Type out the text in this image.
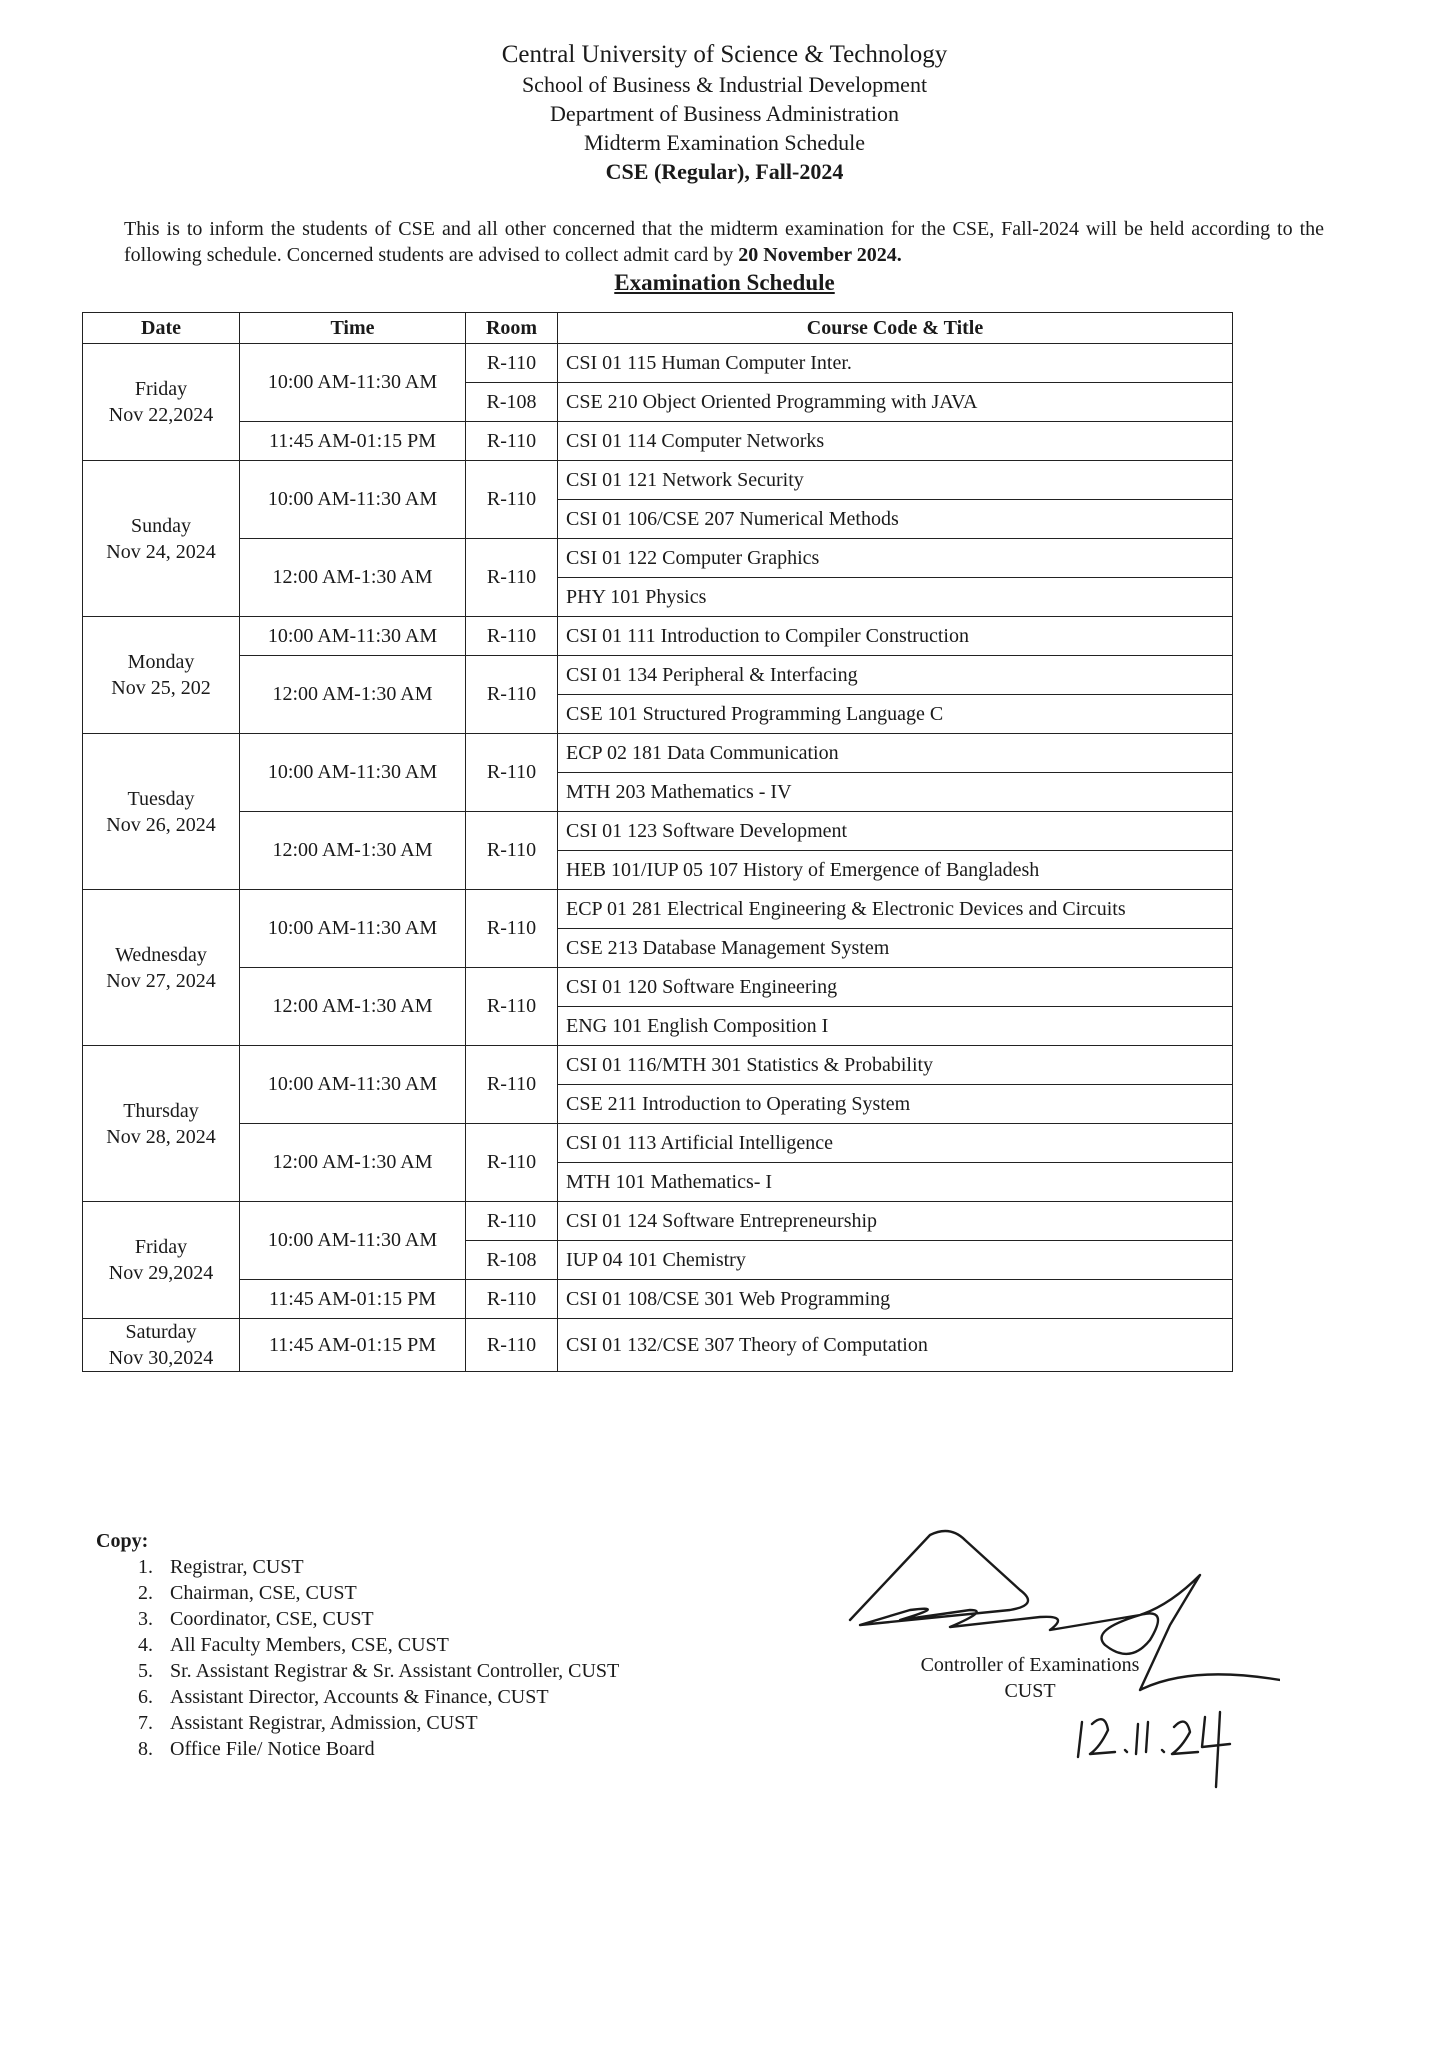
Central University of Science & Technology
School of Business & Industrial Development
Department of Business Administration
Midterm Examination Schedule
CSE (Regular), Fall-2024
This is to inform the students of CSE and all other concerned that the midterm examination for the CSE, Fall-2024 will be held according to the following schedule. Concerned students are advised to collect admit card by 20 November 2024.
Examination Schedule
Date	Time	Room	Course Code & Title

Friday
Nov 22,2024	10:00 AM-11:30 AM	R-110	CSI 01 115 Human Computer Inter.
		R-108	CSE 210 Object Oriented Programming with JAVA
	11:45 AM-01:15 PM	R-110	CSI 01 114 Computer Networks

Sunday
Nov 24, 2024	10:00 AM-11:30 AM	R-110	CSI 01 121 Network Security
			CSI 01 106/CSE 207 Numerical Methods
	12:00 AM-1:30 AM	R-110	CSI 01 122 Computer Graphics
			PHY 101 Physics

Monday
Nov 25, 202	10:00 AM-11:30 AM	R-110	CSI 01 111 Introduction to Compiler Construction
	12:00 AM-1:30 AM	R-110	CSI 01 134 Peripheral & Interfacing
			CSE 101 Structured Programming Language C

Tuesday
Nov 26, 2024	10:00 AM-11:30 AM	R-110	ECP 02 181 Data Communication
			MTH 203 Mathematics - IV
	12:00 AM-1:30 AM	R-110	CSI 01 123 Software Development
			HEB 101/IUP 05 107 History of Emergence of Bangladesh

Wednesday
Nov 27, 2024	10:00 AM-11:30 AM	R-110	ECP 01 281 Electrical Engineering & Electronic Devices and Circuits
			CSE 213 Database Management System
	12:00 AM-1:30 AM	R-110	CSI 01 120 Software Engineering
			ENG 101 English Composition I

Thursday
Nov 28, 2024	10:00 AM-11:30 AM	R-110	CSI 01 116/MTH 301 Statistics & Probability
			CSE 211 Introduction to Operating System
	12:00 AM-1:30 AM	R-110	CSI 01 113 Artificial Intelligence
			MTH 101 Mathematics- I

Friday
Nov 29,2024	10:00 AM-11:30 AM	R-110	CSI 01 124 Software Entrepreneurship
		R-108	IUP 04 101 Chemistry
	11:45 AM-01:15 PM	R-110	CSI 01 108/CSE 301 Web Programming

Saturday
Nov 30,2024	11:45 AM-01:15 PM	R-110	CSI 01 132/CSE 307 Theory of Computation
Copy:
1. Registrar, CUST
2. Chairman, CSE, CUST
3. Coordinator, CSE, CUST
4. All Faculty Members, CSE, CUST
5. Sr. Assistant Registrar & Sr. Assistant Controller, CUST
6. Assistant Director, Accounts & Finance, CUST
7. Assistant Registrar, Admission, CUST
8. Office File/ Notice Board
Controller of Examinations
CUST
